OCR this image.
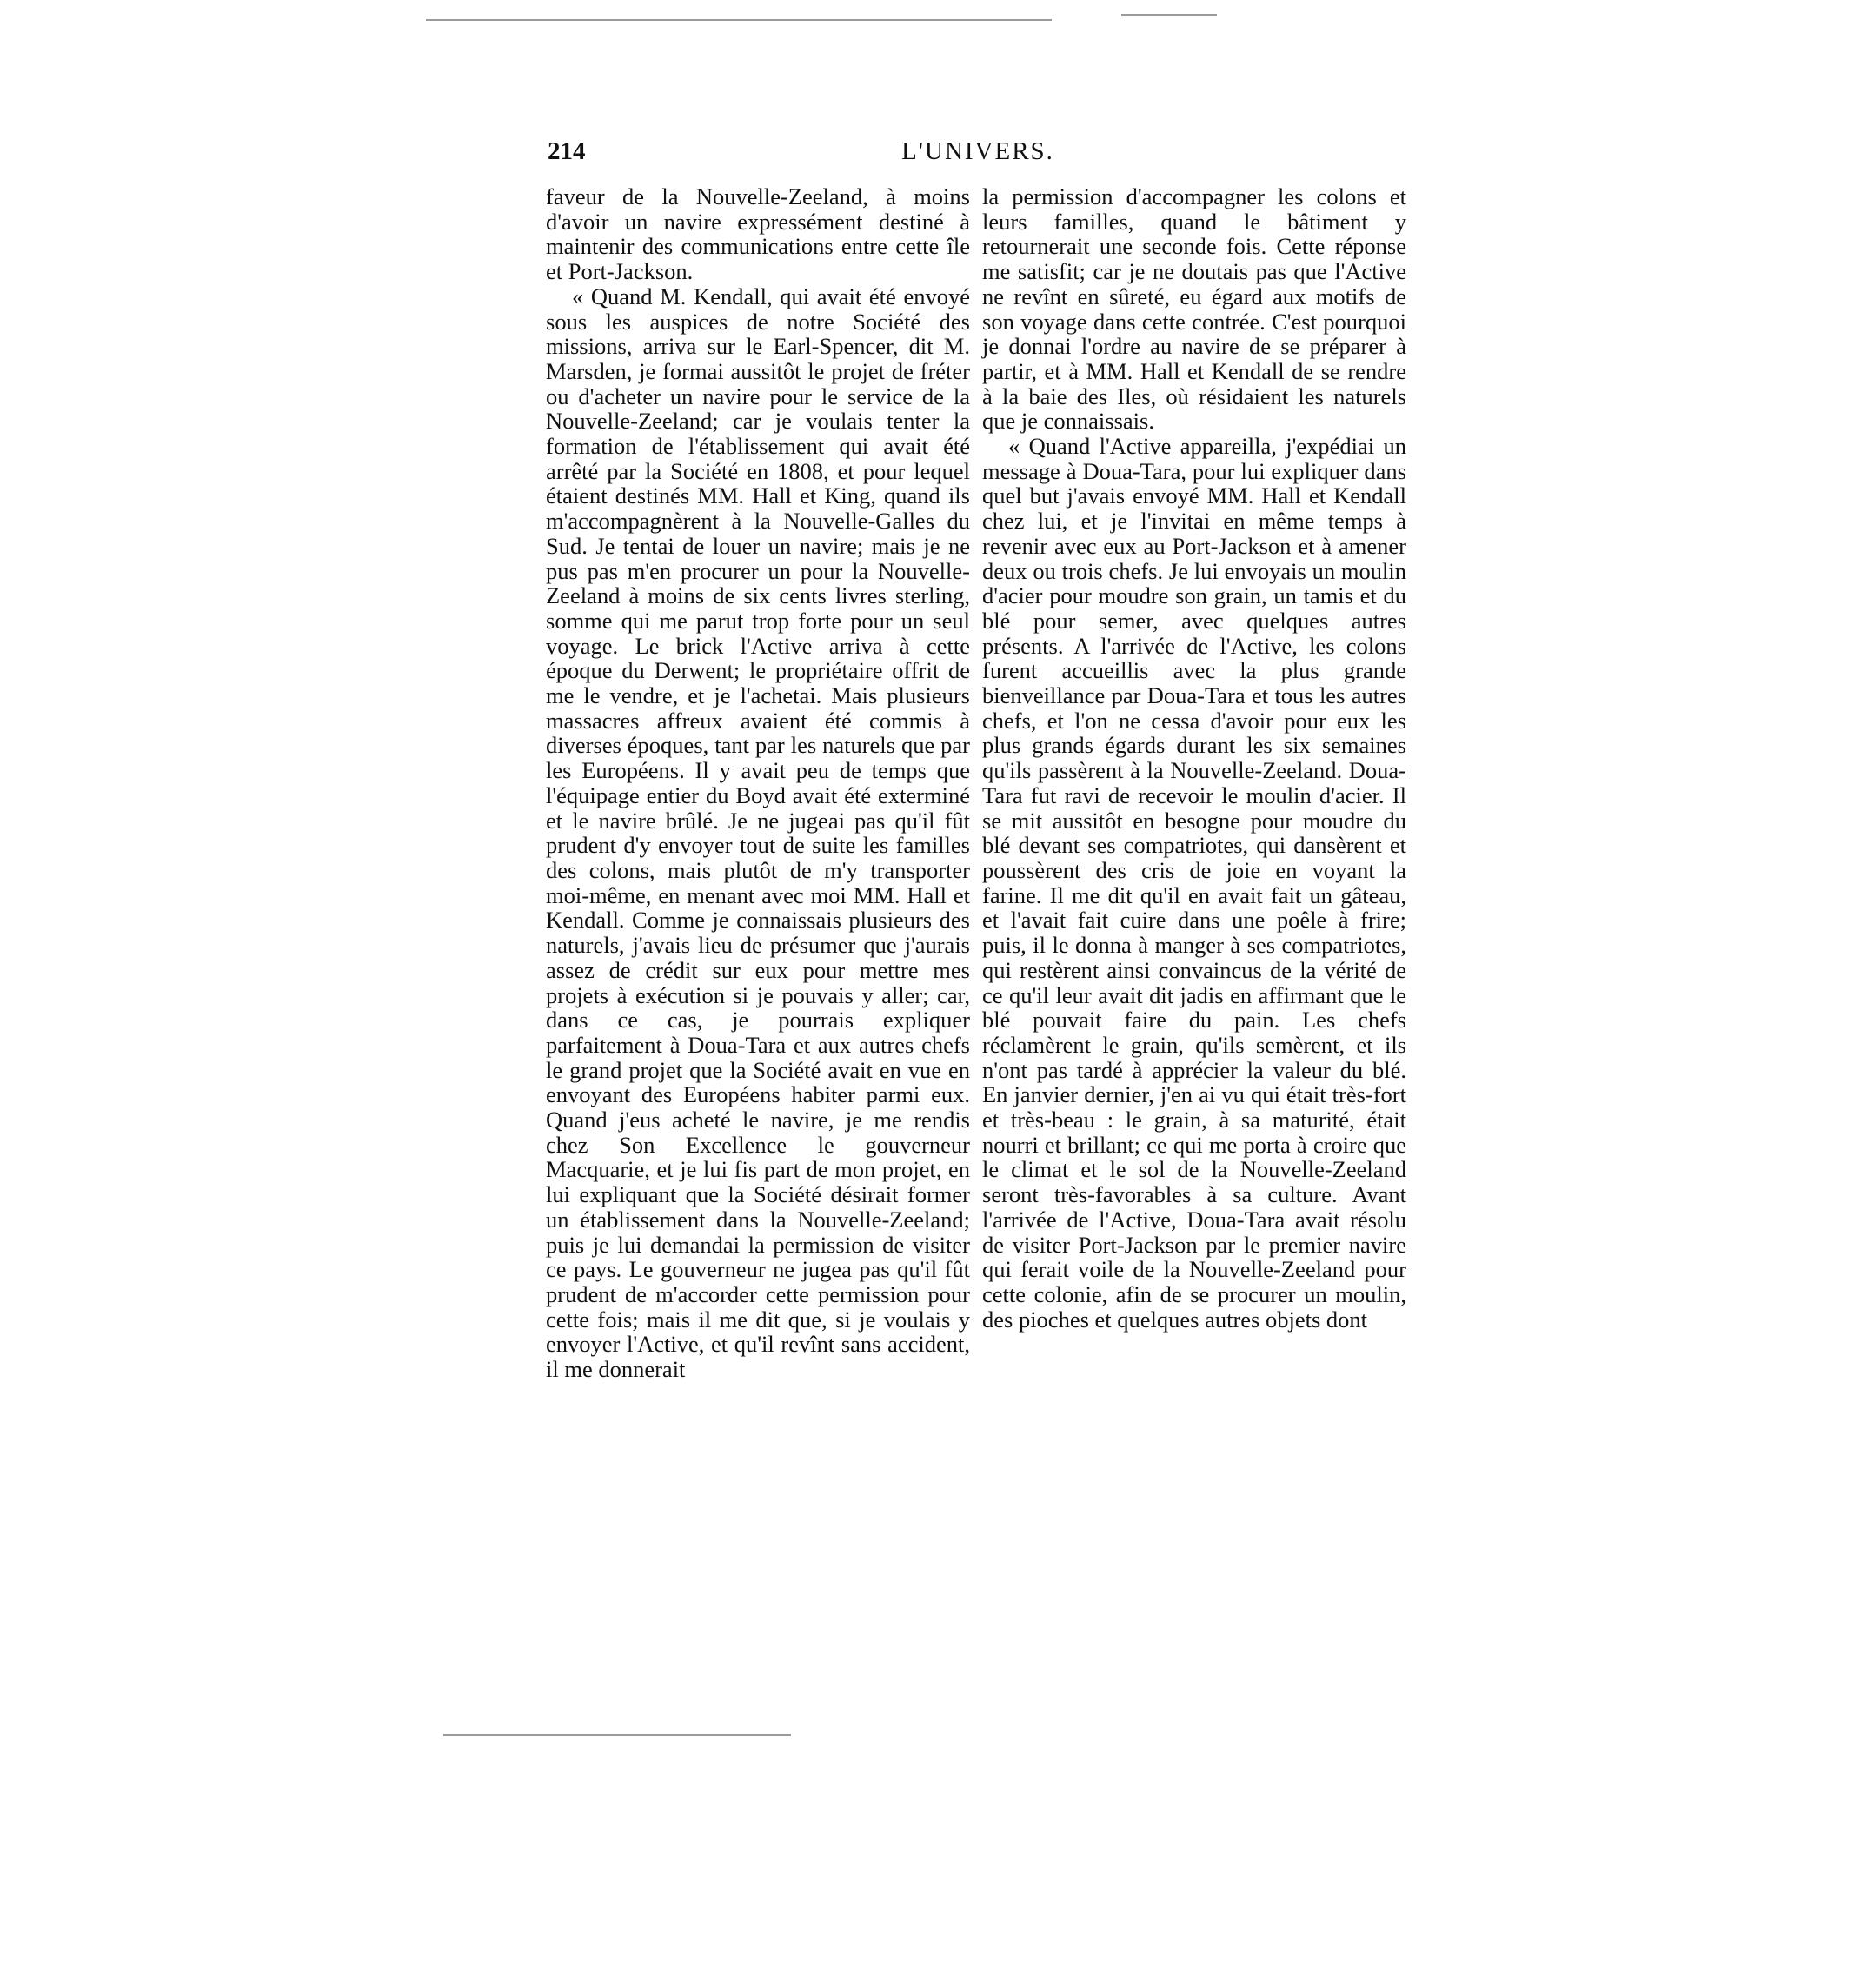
214	L'UNIVERS.

faveur de la Nouvelle-Zeeland, à moins d'avoir un navire expressément destiné à maintenir des communications entre cette île et Port-Jackson.

« Quand M. Kendall, qui avait été envoyé sous les auspices de notre Société des missions, arriva sur le Earl-Spencer, dit M. Marsden, je formai aussitôt le projet de fréter ou d'acheter un navire pour le service de la Nouvelle-Zeeland; car je voulais tenter la formation de l'établissement qui avait été arrêté par la Société en 1808, et pour lequel étaient destinés MM. Hall et King, quand ils m'accompagnèrent à la Nouvelle-Galles du Sud. Je tentai de louer un navire; mais je ne pus pas m'en procurer un pour la Nouvelle-Zeeland à moins de six cents livres sterling, somme qui me parut trop forte pour un seul voyage. Le brick l'Active arriva à cette époque du Derwent; le propriétaire offrit de me le vendre, et je l'achetai. Mais plusieurs massacres affreux avaient été commis à diverses époques, tant par les naturels que par les Européens. Il y avait peu de temps que l'équipage entier du Boyd avait été exterminé et le navire brûlé. Je ne jugeai pas qu'il fût prudent d'y envoyer tout de suite les familles des colons, mais plutôt de m'y transporter moi-même, en menant avec moi MM. Hall et Kendall. Comme je connaissais plusieurs des naturels, j'avais lieu de présumer que j'aurais assez de crédit sur eux pour mettre mes projets à exécution si je pouvais y aller; car, dans ce cas, je pourrais expliquer parfaitement à Doua-Tara et aux autres chefs le grand projet que la Société avait en vue en envoyant des Européens habiter parmi eux. Quand j'eus acheté le navire, je me rendis chez Son Excellence le gouverneur Macquarie, et je lui fis part de mon projet, en lui expliquant que la Société désirait former un établissement dans la Nouvelle-Zeeland; puis je lui demandai la permission de visiter ce pays. Le gouverneur ne jugea pas qu'il fût prudent de m'accorder cette permission pour cette fois; mais il me dit que, si je voulais y envoyer l'Active, et qu'il revînt sans accident, il me donnerait

la permission d'accompagner les colons et leurs familles, quand le bâtiment y retournerait une seconde fois. Cette réponse me satisfit; car je ne doutais pas que l'Active ne revînt en sûreté, eu égard aux motifs de son voyage dans cette contrée. C'est pourquoi je donnai l'ordre au navire de se préparer à partir, et à MM. Hall et Kendall de se rendre à la baie des Iles, où résidaient les naturels que je connaissais.

« Quand l'Active appareilla, j'expédiai un message à Doua-Tara, pour lui expliquer dans quel but j'avais envoyé MM. Hall et Kendall chez lui, et je l'invitai en même temps à revenir avec eux au Port-Jackson et à amener deux ou trois chefs. Je lui envoyais un moulin d'acier pour moudre son grain, un tamis et du blé pour semer, avec quelques autres présents. A l'arrivée de l'Active, les colons furent accueillis avec la plus grande bienveillance par Doua-Tara et tous les autres chefs, et l'on ne cessa d'avoir pour eux les plus grands égards durant les six semaines qu'ils passèrent à la Nouvelle-Zeeland. Doua-Tara fut ravi de recevoir le moulin d'acier. Il se mit aussitôt en besogne pour moudre du blé devant ses compatriotes, qui dansèrent et poussèrent des cris de joie en voyant la farine. Il me dit qu'il en avait fait un gâteau, et l'avait fait cuire dans une poêle à frire; puis, il le donna à manger à ses compatriotes, qui restèrent ainsi convaincus de la vérité de ce qu'il leur avait dit jadis en affirmant que le blé pouvait faire du pain. Les chefs réclamèrent le grain, qu'ils semèrent, et ils n'ont pas tardé à apprécier la valeur du blé. En janvier dernier, j'en ai vu qui était très-fort et très-beau : le grain, à sa maturité, était nourri et brillant; ce qui me porta à croire que le climat et le sol de la Nouvelle-Zeeland seront très-favorables à sa culture. Avant l'arrivée de l'Active, Doua-Tara avait résolu de visiter Port-Jackson par le premier navire qui ferait voile de la Nouvelle-Zeeland pour cette colonie, afin de se procurer un moulin, des pioches et quelques autres objets dont
